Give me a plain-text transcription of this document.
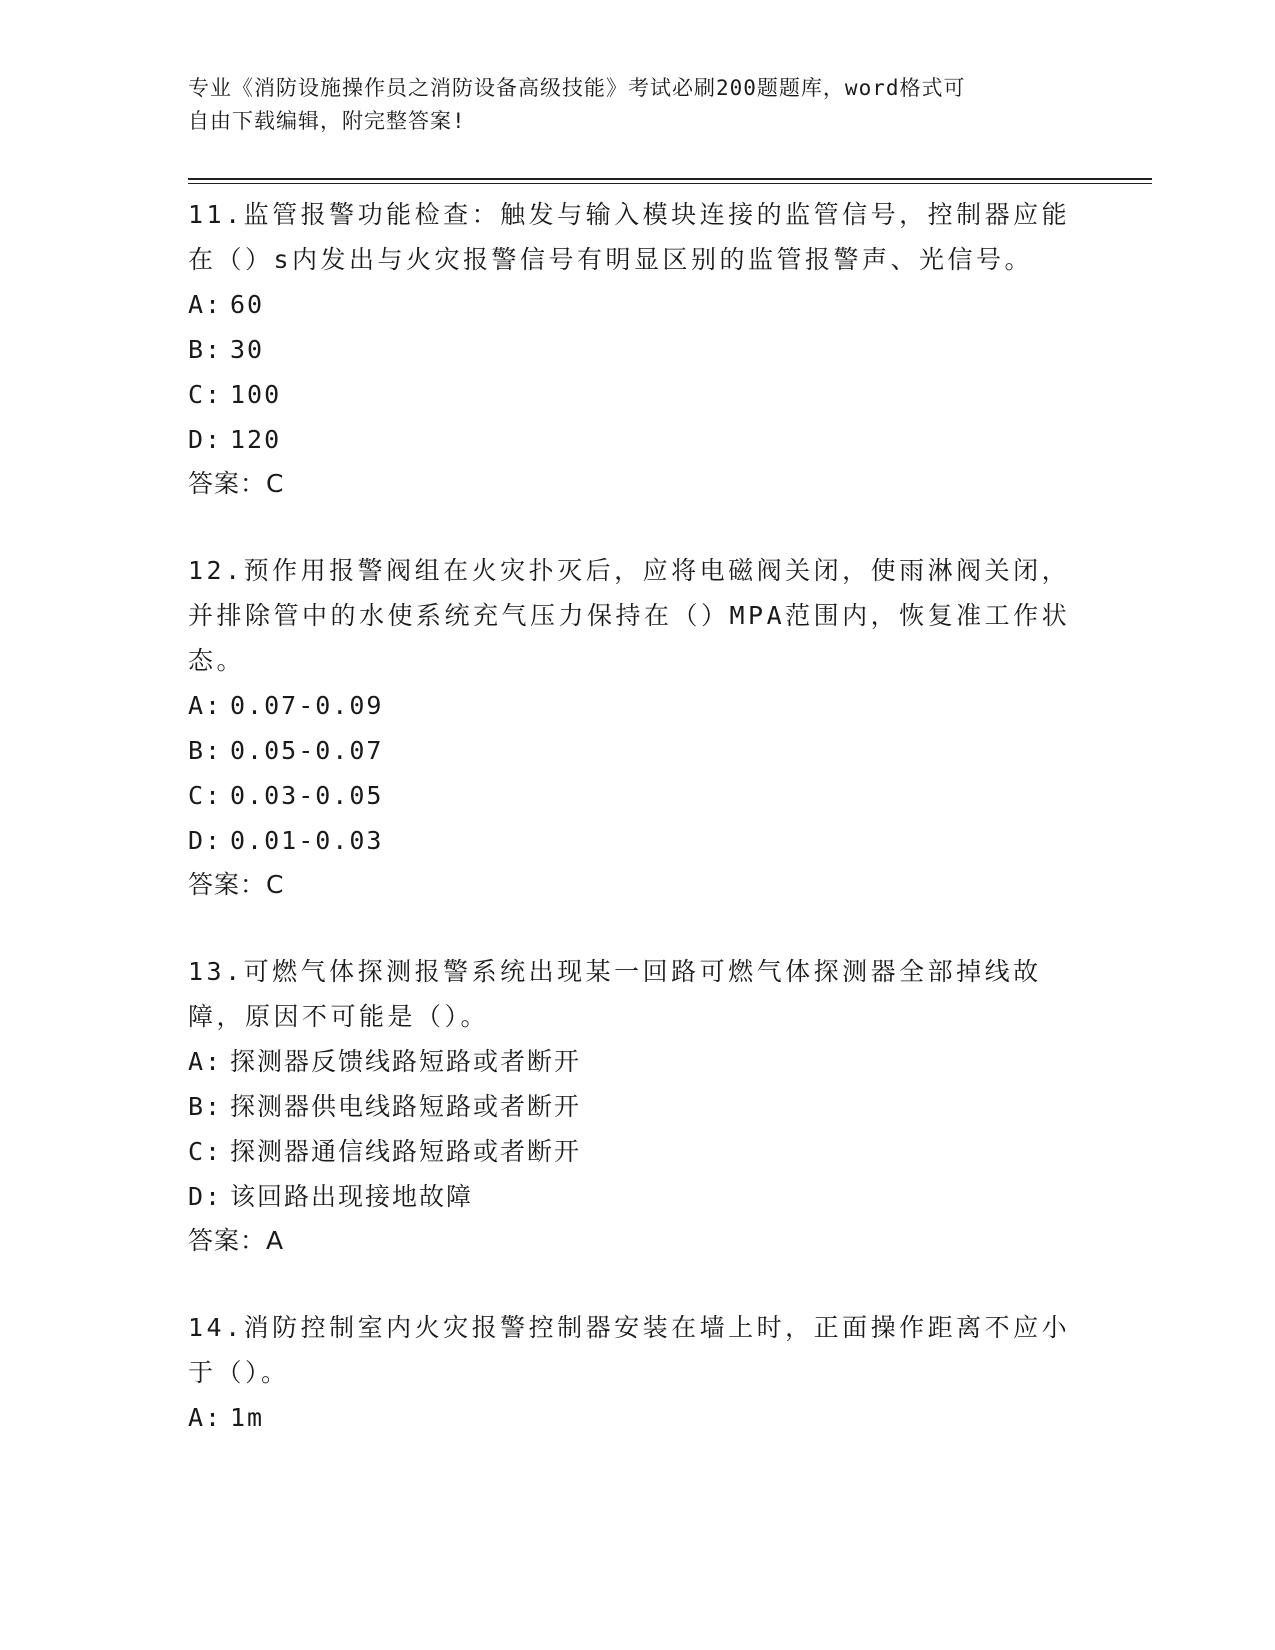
专业《消防设施操作员之消防设备高级技能》考试必刷200题题库，word格式可
自由下载编辑，附完整答案!

11.监管报警功能检查：触发与输入模块连接的监管信号，控制器应能在（）s内发出与火灾报警信号有明显区别的监管报警声、光信号。

A: 60
B: 30
C: 100
D: 120
答案：C

12.预作用报警阀组在火灾扑灭后，应将电磁阀关闭，使雨淋阀关闭，并排除管中的水使系统充气压力保持在（）MPA范围内，恢复准工作状态。

A: 0.07-0.09
B: 0.05-0.07
C: 0.03-0.05
D: 0.01-0.03
答案：C

13.可燃气体探测报警系统出现某一回路可燃气体探测器全部掉线故障，原因不可能是（）。

A: 探测器反馈线路短路或者断开
B: 探测器供电线路短路或者断开
C: 探测器通信线路短路或者断开
D: 该回路出现接地故障
答案：A

14.消防控制室内火灾报警控制器安装在墙上时，正面操作距离不应小于（）。

A: 1m
